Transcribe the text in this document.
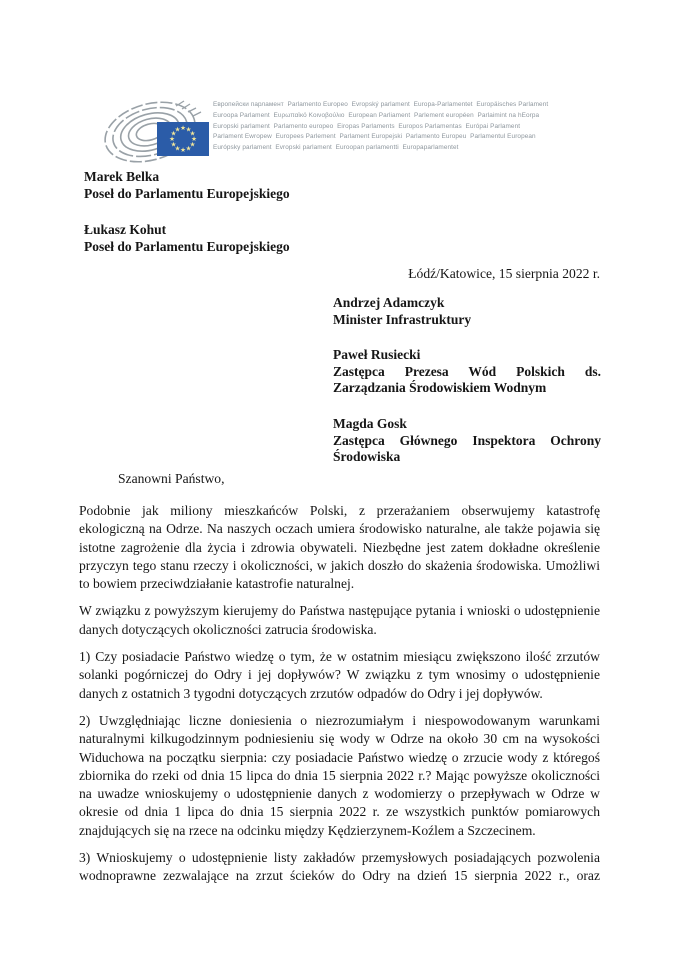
★ ★
★
★
★
★
★
★
★
★
★
★
Европейски парламент  Parlamento Europeo  Evropský parlament  Europa-Parlamentet  Europäisches Parlament
Euroopa Parlament  Ευρωπαϊκό Κοινοβούλιο  European Parliament  Parlement européen  Parlaimint na hEorpa
Europski parlament  Parlamento europeo  Eiropas Parlaments  Europos Parlamentas  Európai Parlament
Parlament Ewropew  Europees Parlement  Parlament Europejski  Parlamento Europeu  Parlamentul European
Európsky parlament  Evropski parlament  Euroopan parlamentti  Europaparlamentet
Marek Belka
Poseł do Parlamentu Europejskiego
Łukasz Kohut
Poseł do Parlamentu Europejskiego
Łódź/Katowice, 15 sierpnia 2022 r.
Andrzej Adamczyk
Minister Infrastruktury
Paweł Rusiecki
Zastępca Prezesa Wód Polskich ds. Zarządzania Środowiskiem Wodnym
Magda Gosk
Zastępca Głównego Inspektora Ochrony Środowiska
Szanowni Państwo,

Podobnie jak miliony mieszkańców Polski, z przerażaniem obserwujemy katastrofę ekologiczną na Odrze. Na naszych oczach umiera środowisko naturalne, ale także pojawia się istotne zagrożenie dla życia i zdrowia obywateli. Niezbędne jest zatem dokładne określenie przyczyn tego stanu rzeczy i okoliczności, w jakich doszło do skażenia środowiska. Umożliwi to bowiem przeciwdziałanie katastrofie naturalnej.

W związku z powyższym kierujemy do Państwa następujące pytania i wnioski o udostępnienie danych dotyczących okoliczności zatrucia środowiska.

1) Czy posiadacie Państwo wiedzę o tym, że w ostatnim miesiącu zwiększono ilość zrzutów solanki pogórniczej do Odry i jej dopływów? W związku z tym wnosimy o udostępnienie danych z ostatnich 3 tygodni dotyczących zrzutów odpadów do Odry i jej dopływów.

2) Uwzględniając liczne doniesienia o niezrozumiałym i niespowodowanym warunkami naturalnymi kilkugodzinnym podniesieniu się wody w Odrze na około 30 cm na wysokości Widuchowa na początku sierpnia: czy posiadacie Państwo wiedzę o zrzucie wody z któregoś zbiornika do rzeki od dnia 15 lipca do dnia 15 sierpnia 2022 r.? Mając powyższe okoliczności na uwadze wnioskujemy o udostępnienie danych z wodomierzy o przepływach w Odrze w okresie od dnia 1 lipca do dnia 15 sierpnia 2022 r. ze wszystkich punktów pomiarowych znajdujących się na rzece na odcinku między Kędzierzynem-Koźlem a Szczecinem.

3) Wnioskujemy o udostępnienie listy zakładów przemysłowych posiadających pozwolenia wodnoprawne zezwalające na zrzut ścieków do Odry na dzień 15 sierpnia 2022 r., oraz
